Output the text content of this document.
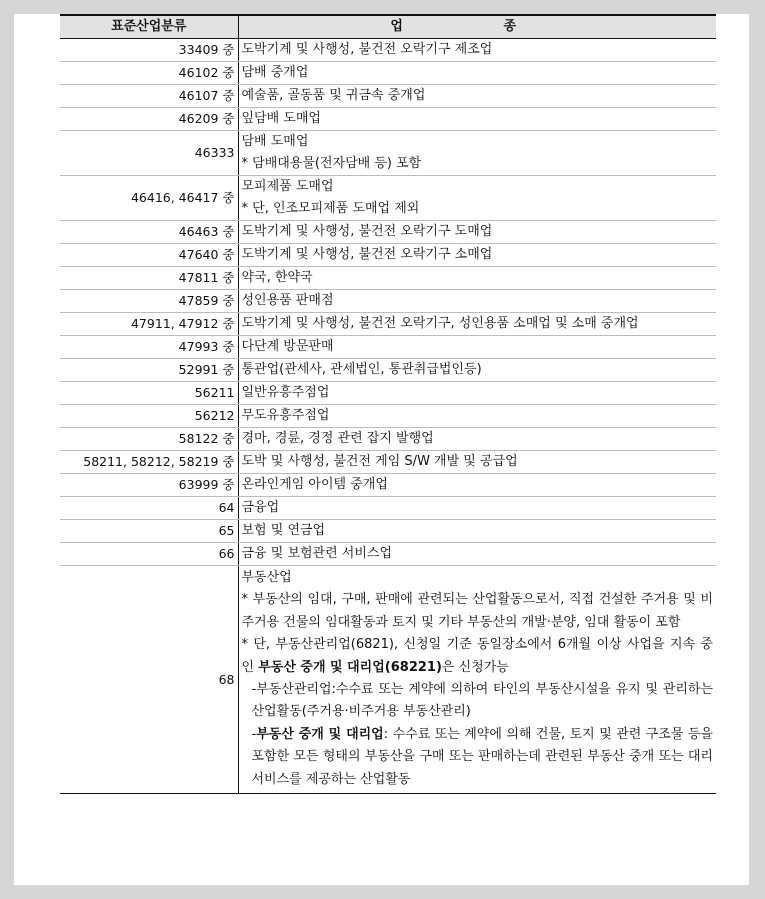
표준산업분류	업 종
33409 중	도박기계 및 사행성, 불건전 오락기구 제조업

46102 중	담배 중개업

46107 중	예술품, 골동품 및 귀금속 중개업

46209 중	잎담배 도매업

46333	담배 도매업
* 담배대용물(전자담배 등) 포함

46416, 46417 중	모피제품 도매업
* 단, 인조모피제품 도매업 제외

46463 중	도박기계 및 사행성, 불건전 오락기구 도매업

47640 중	도박기계 및 사행성, 불건전 오락기구 소매업

47811 중	약국, 한약국

47859 중	성인용품 판매점

47911, 47912 중	도박기계 및 사행성, 불건전 오락기구, 성인용품 소매업 및 소매 중개업

47993 중	다단계 방문판매

52991 중	통관업(관세사, 관세법인, 통관취급법인등)

56211	일반유흥주점업

56212	무도유흥주점업

58122 중	경마, 경륜, 경정 관련 잡지 발행업

58211, 58212, 58219 중	도박 및 사행성, 불건전 게임 S/W 개발 및 공급업

63999 중	온라인게임 아이템 중개업

64	금융업

65	보험 및 연금업

66	금융 및 보험관련 서비스업

68	부동산업
* 부동산의 임대, 구매, 판매에 관련되는 산업활동으로서, 직접 건설한 주거용 및 비주거용 건물의 임대활동과 토지 및 기타 부동산의 개발·분양, 임대 활동이 포함
* 단, 부동산관리업(6821), 신청일 기준 동일장소에서 6개월 이상 사업을 지속 중인 부동산 중개 및 대리업(68221)은 신청가능
-부동산관리업:수수료 또는 계약에 의하여 타인의 부동산시설을 유지 및 관리하는 산업활동(주거용·비주거용 부동산관리)
-부동산 중개 및 대리업: 수수료 또는 계약에 의해 건물, 토지 및 관련 구조물 등을 포함한 모든 형태의 부동산을 구매 또는 판매하는데 관련된 부동산 중개 또는 대리 서비스를 제공하는 산업활동
